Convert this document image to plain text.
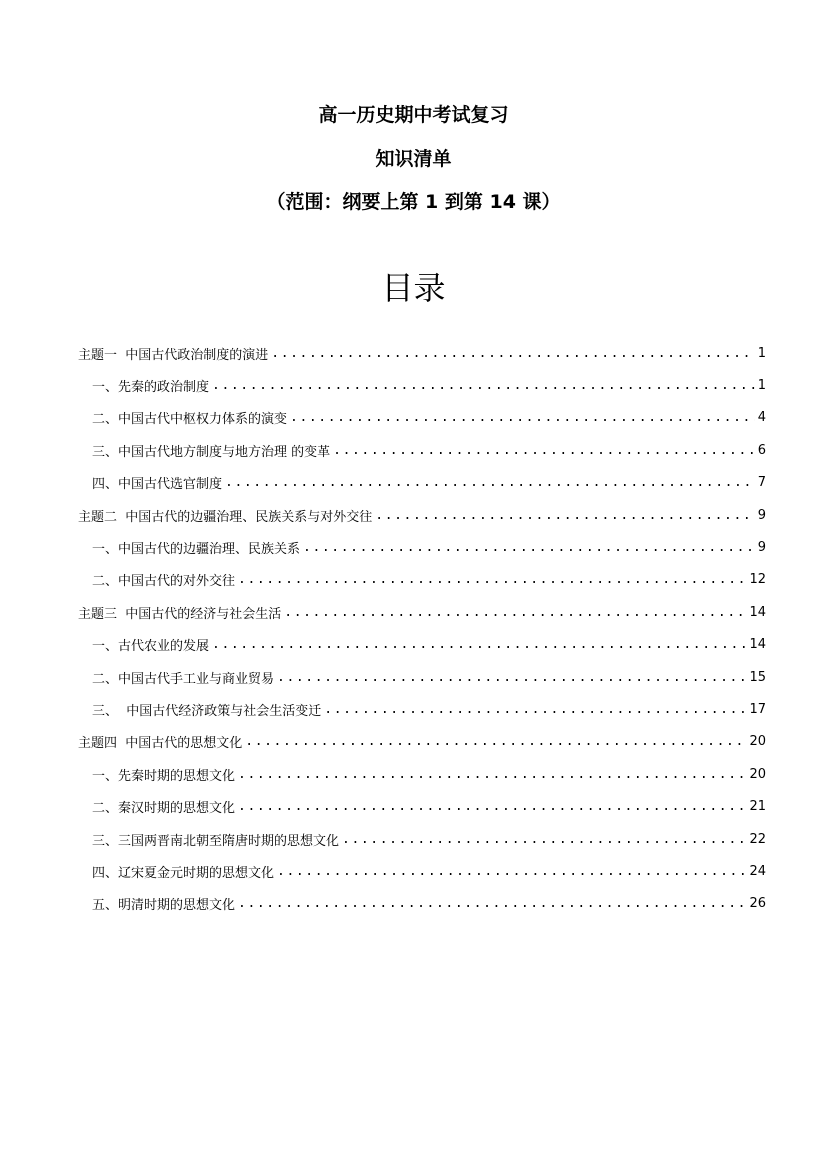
高一历史期中考试复习
知识清单
（范围：纲要上第 1 到第 14 课）
目录
主题一  中国古代政治制度的演进 .....	1
一、先秦的政治制度 .....	1
二、中国古代中枢权力体系的演变 .....	4
三、中国古代地方制度与地方治理 的变革 .....	6
四、中国古代选官制度 .....	7
主题二  中国古代的边疆治理、民族关系与对外交往 .....	9
一、中国古代的边疆治理、民族关系 .....	9
二、中国古代的对外交往 .....	12
主题三  中国古代的经济与社会生活 .....	14
一、古代农业的发展 .....	14
二、中国古代手工业与商业贸易 .....	15
三、  中国古代经济政策与社会生活变迁 .....	17
主题四  中国古代的思想文化 .....	20
一、先秦时期的思想文化 .....	20
二、秦汉时期的思想文化 .....	21
三、三国两晋南北朝至隋唐时期的思想文化 .....	22
四、辽宋夏金元时期的思想文化 .....	24
五、明清时期的思想文化 .....	26
